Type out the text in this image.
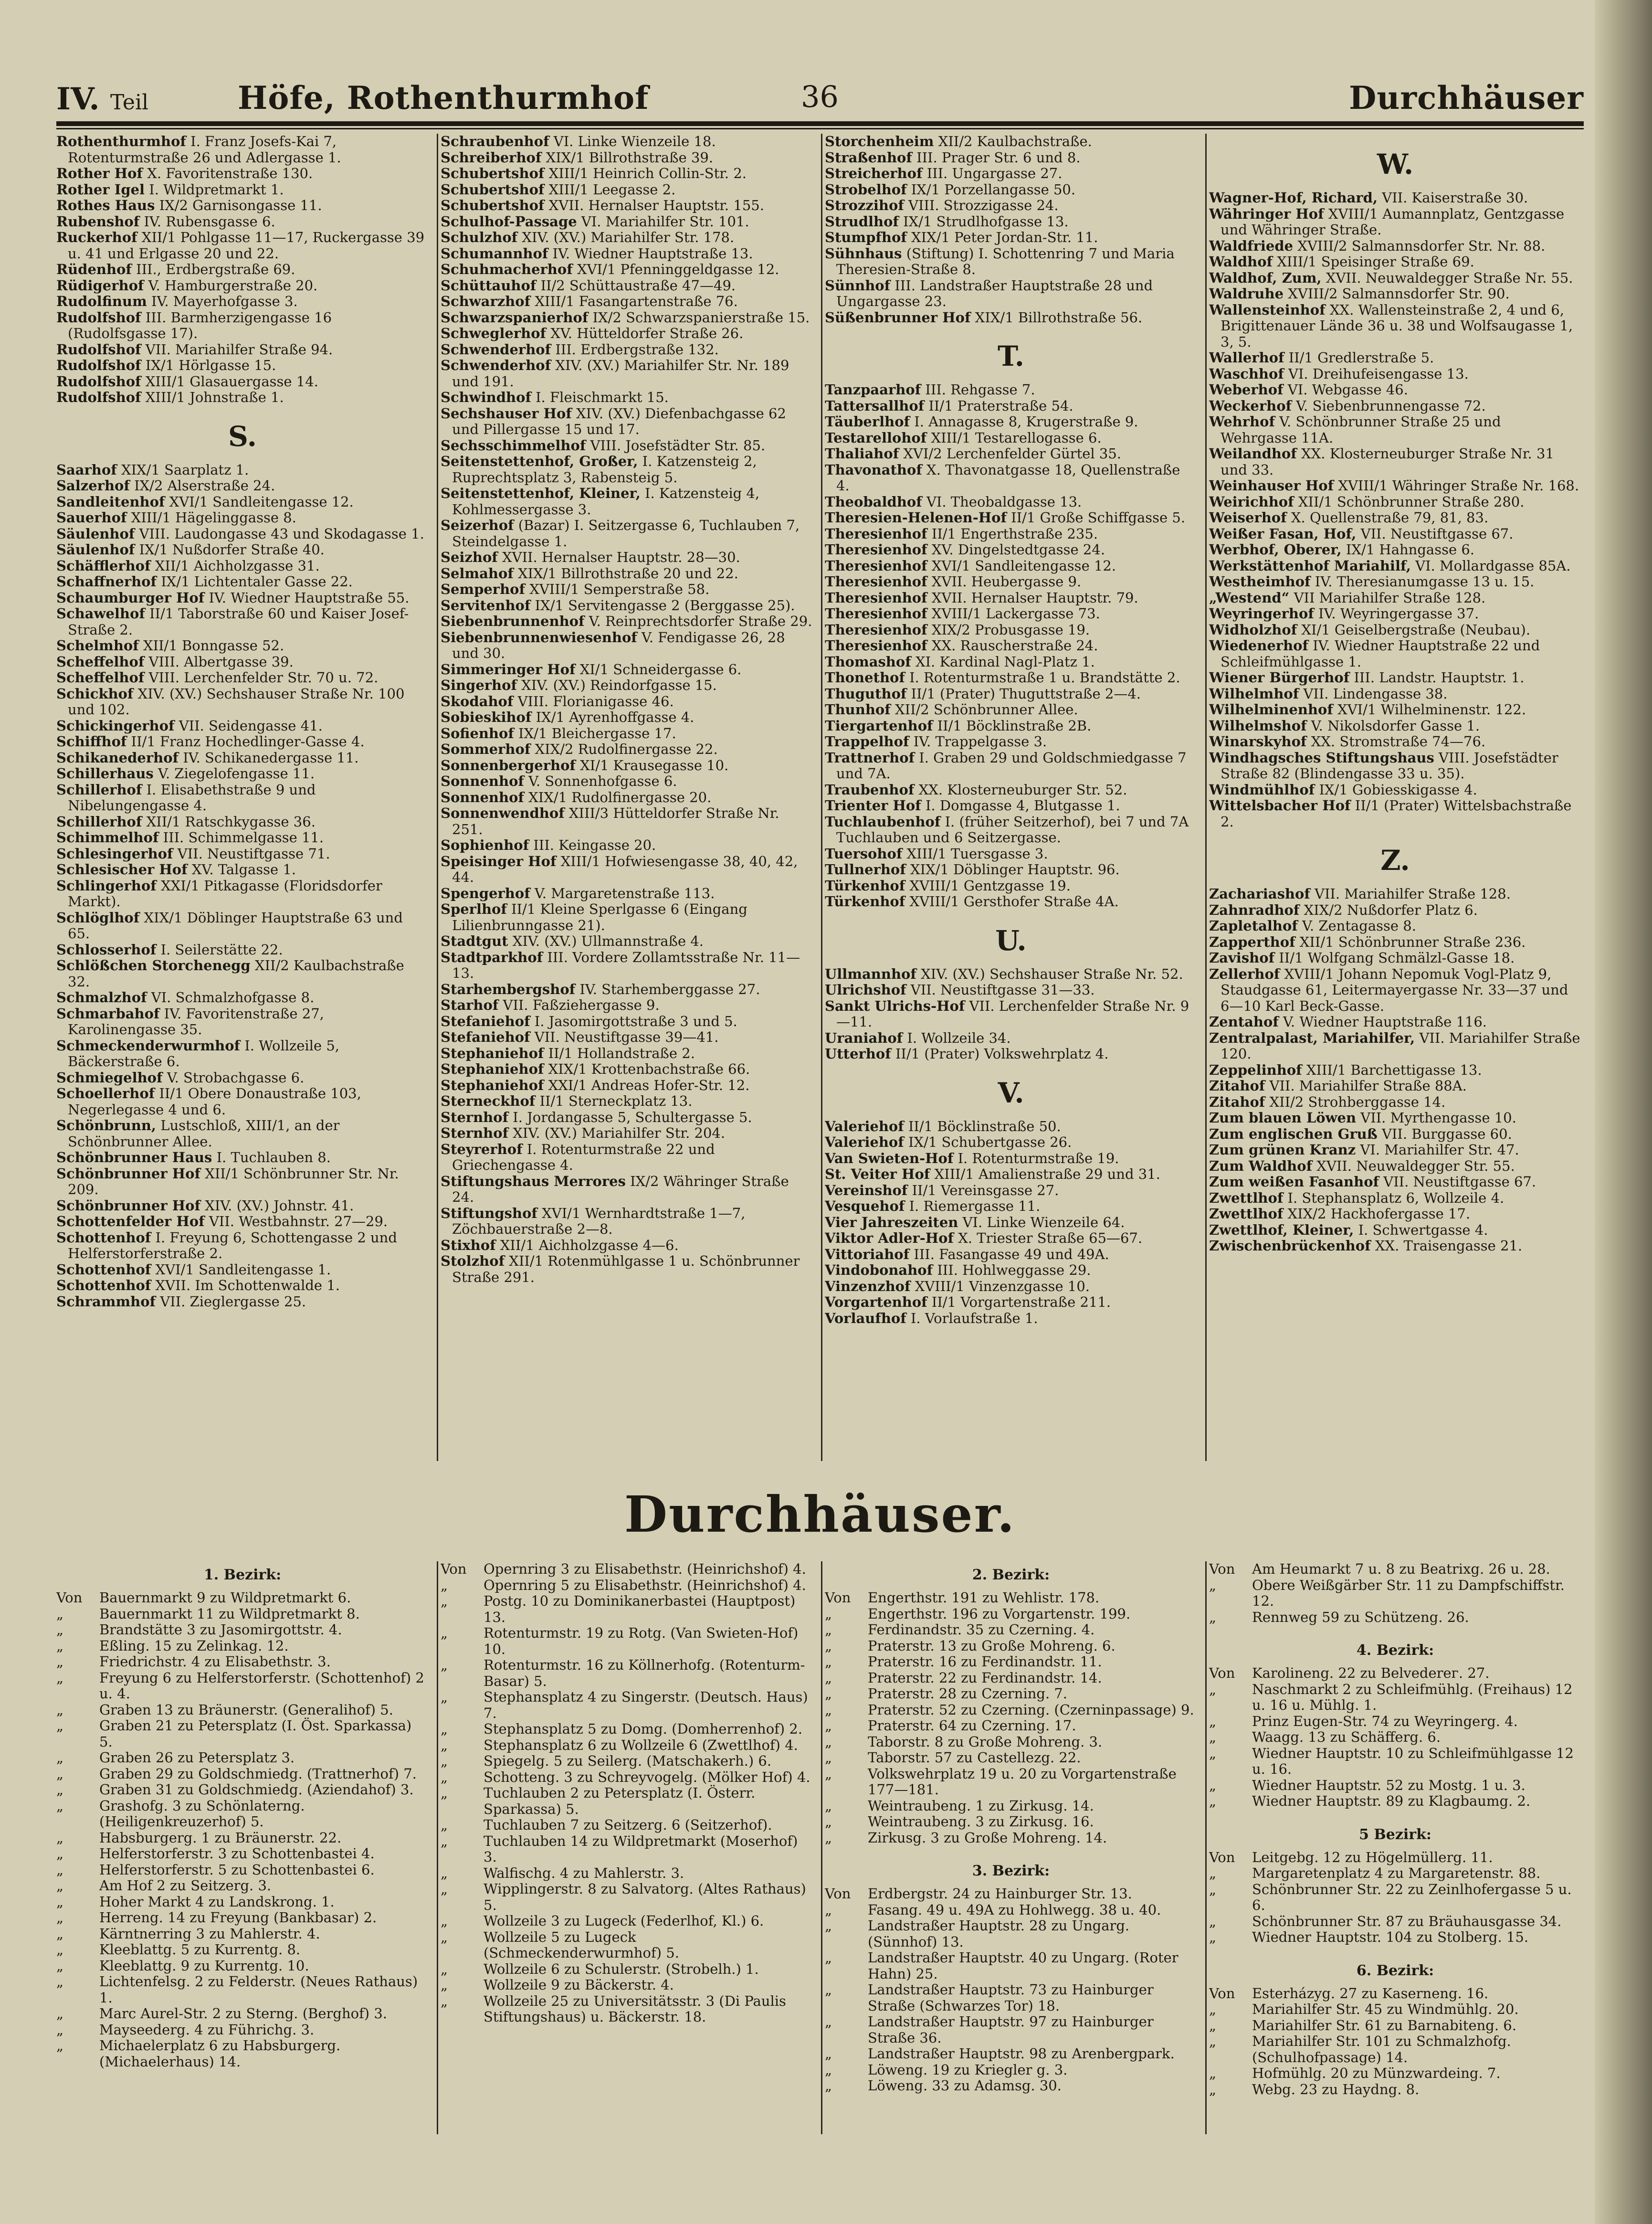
IV. Teil	Höfe, Rothenthurmhof	36	Durchhäuser

Rothenthurmhof I. Franz Josefs-Kai 7, Rotenturmstraße 26 und Adlergasse 1.

Rother Hof X. Favoritenstraße 130.

Rother Igel I. Wildpretmarkt 1.

Rothes Haus IX/2 Garnisongasse 11.

Rubenshof IV. Rubensgasse 6.

Ruckerhof XII/1 Pohlgasse 11—17, Ruckergasse 39 u. 41 und Erlgasse 20 und 22.

Rüdenhof III., Erdbergstraße 69.

Rüdigerhof V. Hamburgerstraße 20.

Rudolfinum IV. Mayerhofgasse 3.

Rudolfshof III. Barmherzigengasse 16 (Rudolfsgasse 17).

Rudolfshof VII. Mariahilfer Straße 94.

Rudolfshof IX/1 Hörlgasse 15.

Rudolfshof XIII/1 Glasauergasse 14.

Rudolfshof XIII/1 Johnstraße 1.

S.

Saarhof XIX/1 Saarplatz 1.

Salzerhof IX/2 Alserstraße 24.

Sandleitenhof XVI/1 Sandleitengasse 12.

Sauerhof XIII/1 Hägelinggasse 8.

Säulenhof VIII. Laudongasse 43 und Skodagasse 1.

Säulenhof IX/1 Nußdorfer Straße 40.

Schäfflerhof XII/1 Aichholzgasse 31.

Schaffnerhof IX/1 Lichtentaler Gasse 22.

Schaumburger Hof IV. Wiedner Hauptstraße 55.

Schawelhof II/1 Taborstraße 60 und Kaiser Josef-Straße 2.

Schelmhof XII/1 Bonngasse 52.

Scheffelhof VIII. Albertgasse 39.

Scheffelhof VIII. Lerchenfelder Str. 70 u. 72.

Schickhof XIV. (XV.) Sechshauser Straße Nr. 100 und 102.

Schickingerhof VII. Seidengasse 41.

Schiffhof II/1 Franz Hochedlinger-Gasse 4.

Schikanederhof IV. Schikanedergasse 11.

Schillerhaus V. Ziegelofengasse 11.

Schillerhof I. Elisabethstraße 9 und Nibelungengasse 4.

Schillerhof XII/1 Ratschkygasse 36.

Schimmelhof III. Schimmelgasse 11.

Schlesingerhof VII. Neustiftgasse 71.

Schlesischer Hof XV. Talgasse 1.

Schlingerhof XXI/1 Pitkagasse (Floridsdorfer Markt).

Schlöglhof XIX/1 Döblinger Hauptstraße 63 und 65.

Schlosserhof I. Seilerstätte 22.

Schlößchen Storchenegg XII/2 Kaulbachstraße 32.

Schmalzhof VI. Schmalzhofgasse 8.

Schmarbahof IV. Favoritenstraße 27, Karolinengasse 35.

Schmeckenderwurmhof I. Wollzeile 5, Bäckerstraße 6.

Schmiegelhof V. Strobachgasse 6.

Schoellerhof II/1 Obere Donaustraße 103, Negerlegasse 4 und 6.

Schönbrunn, Lustschloß, XIII/1, an der Schönbrunner Allee.

Schönbrunner Haus I. Tuchlauben 8.

Schönbrunner Hof XII/1 Schönbrunner Str. Nr. 209.

Schönbrunner Hof XIV. (XV.) Johnstr. 41.

Schottenfelder Hof VII. Westbahnstr. 27—29.

Schottenhof I. Freyung 6, Schottengasse 2 und Helferstorferstraße 2.

Schottenhof XVI/1 Sandleitengasse 1.

Schottenhof XVII. Im Schottenwalde 1.

Schrammhof VII. Zieglergasse 25.

Schraubenhof VI. Linke Wienzeile 18.

Schreiberhof XIX/1 Billrothstraße 39.

Schubertshof XIII/1 Heinrich Collin-Str. 2.

Schubertshof XIII/1 Leegasse 2.

Schubertshof XVII. Hernalser Hauptstr. 155.

Schulhof-Passage VI. Mariahilfer Str. 101.

Schulzhof XIV. (XV.) Mariahilfer Str. 178.

Schumannhof IV. Wiedner Hauptstraße 13.

Schuhmacherhof XVI/1 Pfenninggeldgasse 12.

Schüttauhof II/2 Schüttaustraße 47—49.

Schwarzhof XIII/1 Fasangartenstraße 76.

Schwarzspanierhof IX/2 Schwarzspanierstraße 15.

Schweglerhof XV. Hütteldorfer Straße 26.

Schwenderhof III. Erdbergstraße 132.

Schwenderhof XIV. (XV.) Mariahilfer Str. Nr. 189 und 191.

Schwindhof I. Fleischmarkt 15.

Sechshauser Hof XIV. (XV.) Diefenbachgasse 62 und Pillergasse 15 und 17.

Sechsschimmelhof VIII. Josefstädter Str. 85.

Seitenstettenhof, Großer, I. Katzensteig 2, Ruprechtsplatz 3, Rabensteig 5.

Seitenstettenhof, Kleiner, I. Katzensteig 4, Kohlmessergasse 3.

Seizerhof (Bazar) I. Seitzergasse 6, Tuchlauben 7, Steindelgasse 1.

Seizhof XVII. Hernalser Hauptstr. 28—30.

Selmahof XIX/1 Billrothstraße 20 und 22.

Semperhof XVIII/1 Semperstraße 58.

Servitenhof IX/1 Servitengasse 2 (Berggasse 25).

Siebenbrunnenhof V. Reinprechtsdorfer Straße 29.

Siebenbrunnenwiesenhof V. Fendigasse 26, 28 und 30.

Simmeringer Hof XI/1 Schneidergasse 6.

Singerhof XIV. (XV.) Reindorfgasse 15.

Skodahof VIII. Florianigasse 46.

Sobieskihof IX/1 Ayrenhoffgasse 4.

Sofienhof IX/1 Bleichergasse 17.

Sommerhof XIX/2 Rudolfinergasse 22.

Sonnenbergerhof XI/1 Krausegasse 10.

Sonnenhof V. Sonnenhofgasse 6.

Sonnenhof XIX/1 Rudolfinergasse 20.

Sonnenwendhof XIII/3 Hütteldorfer Straße Nr. 251.

Sophienhof III. Keingasse 20.

Speisinger Hof XIII/1 Hofwiesengasse 38, 40, 42, 44.

Spengerhof V. Margaretenstraße 113.

Sperlhof II/1 Kleine Sperlgasse 6 (Eingang Lilienbrunngasse 21).

Stadtgut XIV. (XV.) Ullmannstraße 4.

Stadtparkhof III. Vordere Zollamtsstraße Nr. 11—13.

Starhembergshof IV. Starhemberggasse 27.

Starhof VII. Faßziehergasse 9.

Stefaniehof I. Jasomirgottstraße 3 und 5.

Stefaniehof VII. Neustiftgasse 39—41.

Stephaniehof II/1 Hollandstraße 2.

Stephaniehof XIX/1 Krottenbachstraße 66.

Stephaniehof XXI/1 Andreas Hofer-Str. 12.

Sterneckhof II/1 Sterneckplatz 13.

Sternhof I. Jordangasse 5, Schultergasse 5.

Sternhof XIV. (XV.) Mariahilfer Str. 204.

Steyrerhof I. Rotenturmstraße 22 und Griechengasse 4.

Stiftungshaus Merrores IX/2 Währinger Straße 24.

Stiftungshof XVI/1 Wernhardtstraße 1—7, Zöchbauerstraße 2—8.

Stixhof XII/1 Aichholzgasse 4—6.

Stolzhof XII/1 Rotenmühlgasse 1 u. Schönbrunner Straße 291.

Storchenheim XII/2 Kaulbachstraße.

Straßenhof III. Prager Str. 6 und 8.

Streicherhof III. Ungargasse 27.

Strobelhof IX/1 Porzellangasse 50.

Strozzihof VIII. Strozzigasse 24.

Strudlhof IX/1 Strudlhofgasse 13.

Stumpfhof XIX/1 Peter Jordan-Str. 11.

Sühnhaus (Stiftung) I. Schottenring 7 und Maria Theresien-Straße 8.

Sünnhof III. Landstraßer Hauptstraße 28 und Ungargasse 23.

Süßenbrunner Hof XIX/1 Billrothstraße 56.

T.

Tanzpaarhof III. Rehgasse 7.

Tattersallhof II/1 Praterstraße 54.

Täuberlhof I. Annagasse 8, Krugerstraße 9.

Testarellohof XIII/1 Testarellogasse 6.

Thaliahof XVI/2 Lerchenfelder Gürtel 35.

Thavonathof X. Thavonatgasse 18, Quellenstraße 4.

Theobaldhof VI. Theobaldgasse 13.

Theresien-Helenen-Hof II/1 Große Schiffgasse 5.

Theresienhof II/1 Engerthstraße 235.

Theresienhof XV. Dingelstedtgasse 24.

Theresienhof XVI/1 Sandleitengasse 12.

Theresienhof XVII. Heubergasse 9.

Theresienhof XVII. Hernalser Hauptstr. 79.

Theresienhof XVIII/1 Lackergasse 73.

Theresienhof XIX/2 Probusgasse 19.

Theresienhof XX. Rauscherstraße 24.

Thomashof XI. Kardinal Nagl-Platz 1.

Thonethof I. Rotenturmstraße 1 u. Brandstätte 2.

Thuguthof II/1 (Prater) Thuguttstraße 2—4.

Thunhof XII/2 Schönbrunner Allee.

Tiergartenhof II/1 Böcklinstraße 2B.

Trappelhof IV. Trappelgasse 3.

Trattnerhof I. Graben 29 und Goldschmiedgasse 7 und 7A.

Traubenhof XX. Klosterneuburger Str. 52.

Trienter Hof I. Domgasse 4, Blutgasse 1.

Tuchlaubenhof I. (früher Seitzerhof), bei 7 und 7A Tuchlauben und 6 Seitzergasse.

Tuersohof XIII/1 Tuersgasse 3.

Tullnerhof XIX/1 Döblinger Hauptstr. 96.

Türkenhof XVIII/1 Gentzgasse 19.

Türkenhof XVIII/1 Gersthofer Straße 4A.

U.

Ullmannhof XIV. (XV.) Sechshauser Straße Nr. 52.

Ulrichshof VII. Neustiftgasse 31—33.

Sankt Ulrichs-Hof VII. Lerchenfelder Straße Nr. 9—11.

Uraniahof I. Wollzeile 34.

Utterhof II/1 (Prater) Volkswehrplatz 4.

V.

Valeriehof II/1 Böcklinstraße 50.

Valeriehof IX/1 Schubertgasse 26.

Van Swieten-Hof I. Rotenturmstraße 19.

St. Veiter Hof XIII/1 Amalienstraße 29 und 31.

Vereinshof II/1 Vereinsgasse 27.

Vesquehof I. Riemergasse 11.

Vier Jahreszeiten VI. Linke Wienzeile 64.

Viktor Adler-Hof X. Triester Straße 65—67.

Vittoriahof III. Fasangasse 49 und 49A.

Vindobonahof III. Hohlweggasse 29.

Vinzenzhof XVIII/1 Vinzenzgasse 10.

Vorgartenhof II/1 Vorgartenstraße 211.

Vorlaufhof I. Vorlaufstraße 1.

W.

Wagner-Hof, Richard, VII. Kaiserstraße 30.

Währinger Hof XVIII/1 Aumannplatz, Gentzgasse und Währinger Straße.

Waldfriede XVIII/2 Salmannsdorfer Str. Nr. 88.

Waldhof XIII/1 Speisinger Straße 69.

Waldhof, Zum, XVII. Neuwaldegger Straße Nr. 55.

Waldruhe XVIII/2 Salmannsdorfer Str. 90.

Wallensteinhof XX. Wallensteinstraße 2, 4 und 6, Brigittenauer Lände 36 u. 38 und Wolfsaugasse 1, 3, 5.

Wallerhof II/1 Gredlerstraße 5.

Waschhof VI. Dreihufeisengasse 13.

Weberhof VI. Webgasse 46.

Weckerhof V. Siebenbrunnengasse 72.

Wehrhof V. Schönbrunner Straße 25 und Wehrgasse 11A.

Weilandhof XX. Klosterneuburger Straße Nr. 31 und 33.

Weinhauser Hof XVIII/1 Währinger Straße Nr. 168.

Weirichhof XII/1 Schönbrunner Straße 280.

Weiserhof X. Quellenstraße 79, 81, 83.

Weißer Fasan, Hof, VII. Neustiftgasse 67.

Werbhof, Oberer, IX/1 Hahngasse 6.

Werkstättenhof Mariahilf, VI. Mollardgasse 85A.

Westheimhof IV. Theresianumgasse 13 u. 15.

„Westend“ VII Mariahilfer Straße 128.

Weyringerhof IV. Weyringergasse 37.

Widholzhof XI/1 Geiselbergstraße (Neubau).

Wiedenerhof IV. Wiedner Hauptstraße 22 und Schleifmühlgasse 1.

Wiener Bürgerhof III. Landstr. Hauptstr. 1.

Wilhelmhof VII. Lindengasse 38.

Wilhelminenhof XVI/1 Wilhelminenstr. 122.

Wilhelmshof V. Nikolsdorfer Gasse 1.

Winarskyhof XX. Stromstraße 74—76.

Windhagsches Stiftungshaus VIII. Josefstädter Straße 82 (Blindengasse 33 u. 35).

Windmühlhof IX/1 Gobiesskigasse 4.

Wittelsbacher Hof II/1 (Prater) Wittelsbachstraße 2.

Z.

Zachariashof VII. Mariahilfer Straße 128.

Zahnradhof XIX/2 Nußdorfer Platz 6.

Zapletalhof V. Zentagasse 8.

Zapperthof XII/1 Schönbrunner Straße 236.

Zavishof II/1 Wolfgang Schmälzl-Gasse 18.

Zellerhof XVIII/1 Johann Nepomuk Vogl-Platz 9, Staudgasse 61, Leitermayergasse Nr. 33—37 und 6—10 Karl Beck-Gasse.

Zentahof V. Wiedner Hauptstraße 116.

Zentralpalast, Mariahilfer, VII. Mariahilfer Straße 120.

Zeppelinhof XIII/1 Barchettigasse 13.

Zitahof VII. Mariahilfer Straße 88A.

Zitahof XII/2 Strohberggasse 14.

Zum blauen Löwen VII. Myrthengasse 10.

Zum englischen Gruß VII. Burggasse 60.

Zum grünen Kranz VI. Mariahilfer Str. 47.

Zum Waldhof XVII. Neuwaldegger Str. 55.

Zum weißen Fasanhof VII. Neustiftgasse 67.

Zwettlhof I. Stephansplatz 6, Wollzeile 4.

Zwettlhof XIX/2 Hackhofergasse 17.

Zwettlhof, Kleiner, I. Schwertgasse 4.

Zwischenbrückenhof XX. Traisengasse 21.

Durchhäuser.
1. Bezirk:

Von Bauernmarkt 9 zu Wildpretmarkt 6.

„	Bauernmarkt 11 zu Wildpretmarkt 8.

„	Brandstätte 3 zu Jasomirgottstr. 4.

„	Eßling. 15 zu Zelinkag. 12.

„	Friedrichstr. 4 zu Elisabethstr. 3.

„	Freyung 6 zu Helferstorferstr. (Schottenhof) 2 u. 4.

„	Graben 13 zu Bräunerstr. (Generalihof) 5.

„	Graben 21 zu Petersplatz (I. Öst. Sparkassa) 5.

„	Graben 26 zu Petersplatz 3.

„	Graben 29 zu Goldschmiedg. (Trattnerhof) 7.

„	Graben 31 zu Goldschmiedg. (Aziendahof) 3.

„	Grashofg. 3 zu Schönlaterng. (Heiligenkreuzerhof) 5.

„	Habsburgerg. 1 zu Bräunerstr. 22.

„	Helferstorferstr. 3 zu Schottenbastei 4.

„	Helferstorferstr. 5 zu Schottenbastei 6.

„	Am Hof 2 zu Seitzerg. 3.

„	Hoher Markt 4 zu Landskrong. 1.

„	Herreng. 14 zu Freyung (Bankbasar) 2.

„	Kärntnerring 3 zu Mahlerstr. 4.

„	Kleeblattg. 5 zu Kurrentg. 8.

„	Kleeblattg. 9 zu Kurrentg. 10.

„	Lichtenfelsg. 2 zu Felderstr. (Neues Rathaus) 1.

„	Marc Aurel-Str. 2 zu Sterng. (Berghof) 3.

„	Mayseederg. 4 zu Führichg. 3.

„	Michaelerplatz 6 zu Habsburgerg. (Michaelerhaus) 14.

Von Opernring 3 zu Elisabethstr. (Heinrichshof) 4.

„	Opernring 5 zu Elisabethstr. (Heinrichshof) 4.

„	Postg. 10 zu Dominikanerbastei (Hauptpost) 13.

„	Rotenturmstr. 19 zu Rotg. (Van Swieten-Hof) 10.

„	Rotenturmstr. 16 zu Köllnerhofg. (Rotenturm-Basar) 5.

„	Stephansplatz 4 zu Singerstr. (Deutsch. Haus) 7.

„	Stephansplatz 5 zu Domg. (Domherrenhof) 2.

„	Stephansplatz 6 zu Wollzeile 6 (Zwettlhof) 4.

„	Spiegelg. 5 zu Seilerg. (Matschakerh.) 6.

„	Schotteng. 3 zu Schreyvogelg. (Mölker Hof) 4.

„	Tuchlauben 2 zu Petersplatz (I. Österr. Sparkassa) 5.

„	Tuchlauben 7 zu Seitzerg. 6 (Seitzerhof).

„	Tuchlauben 14 zu Wildpretmarkt (Moserhof) 3.

„	Walfischg. 4 zu Mahlerstr. 3.

„	Wipplingerstr. 8 zu Salvatorg. (Altes Rathaus) 5.

„	Wollzeile 3 zu Lugeck (Federlhof, Kl.) 6.

„	Wollzeile 5 zu Lugeck (Schmeckenderwurmhof) 5.

„	Wollzeile 6 zu Schulerstr. (Strobelh.) 1.

„	Wollzeile 9 zu Bäckerstr. 4.

„	Wollzeile 25 zu Universitätsstr. 3 (Di Paulis Stiftungshaus) u. Bäckerstr. 18.

2. Bezirk:

Von Engerthstr. 191 zu Wehlistr. 178.

„	Engerthstr. 196 zu Vorgartenstr. 199.

„	Ferdinandstr. 35 zu Czerning. 4.

„	Praterstr. 13 zu Große Mohreng. 6.

„	Praterstr. 16 zu Ferdinandstr. 11.

„	Praterstr. 22 zu Ferdinandstr. 14.

„	Praterstr. 28 zu Czerning. 7.

„	Praterstr. 52 zu Czerning. (Czerninpassage) 9.

„	Praterstr. 64 zu Czerning. 17.

„	Taborstr. 8 zu Große Mohreng. 3.

„	Taborstr. 57 zu Castellezg. 22.

„	Volkswehrplatz 19 u. 20 zu Vorgartenstraße 177—181.

„	Weintraubeng. 1 zu Zirkusg. 14.

„	Weintraubeng. 3 zu Zirkusg. 16.

„	Zirkusg. 3 zu Große Mohreng. 14.

3. Bezirk:

Von Erdbergstr. 24 zu Hainburger Str. 13.

„	Fasang. 49 u. 49A zu Hohlwegg. 38 u. 40.

„	Landstraßer Hauptstr. 28 zu Ungarg. (Sünnhof) 13.

„	Landstraßer Hauptstr. 40 zu Ungarg. (Roter Hahn) 25.

„	Landstraßer Hauptstr. 73 zu Hainburger Straße (Schwarzes Tor) 18.

„	Landstraßer Hauptstr. 97 zu Hainburger Straße 36.

„	Landstraßer Hauptstr. 98 zu Arenbergpark.

„	Löweng. 19 zu Kriegler g. 3.

„	Löweng. 33 zu Adamsg. 30.

Von Am Heumarkt 7 u. 8 zu Beatrixg. 26 u. 28.

„	Obere Weißgärber Str. 11 zu Dampfschiffstr. 12.

„	Rennweg 59 zu Schützeng. 26.

4. Bezirk:

Von Karolineng. 22 zu Belvederег. 27.

„	Naschmarkt 2 zu Schleifmühlg. (Freihaus) 12 u. 16 u. Mühlg. 1.

„	Prinz Eugen-Str. 74 zu Weyringerg. 4.

„	Waagg. 13 zu Schäfferg. 6.

„	Wiedner Hauptstr. 10 zu Schleifmühlgasse 12 u. 16.

„	Wiedner Hauptstr. 52 zu Mostg. 1 u. 3.

„	Wiedner Hauptstr. 89 zu Klagbaumg. 2.

5 Bezirk:

Von Leitgebg. 12 zu Högelmüllerg. 11.

„	Margaretenplatz 4 zu Margaretenstr. 88.

„	Schönbrunner Str. 22 zu Zeinlhofergasse 5 u. 6.

„	Schönbrunner Str. 87 zu Bräuhausgasse 34.

„	Wiedner Hauptstr. 104 zu Stolberg. 15.

6. Bezirk:

Von Esterházyg. 27 zu Kaserneng. 16.

„	Mariahilfer Str. 45 zu Windmühlg. 20.

„	Mariahilfer Str. 61 zu Barnabiteng. 6.

„	Mariahilfer Str. 101 zu Schmalzhofg. (Schulhofpassage) 14.

„	Hofmühlg. 20 zu Münzwardeing. 7.

„	Webg. 23 zu Haydng. 8.
